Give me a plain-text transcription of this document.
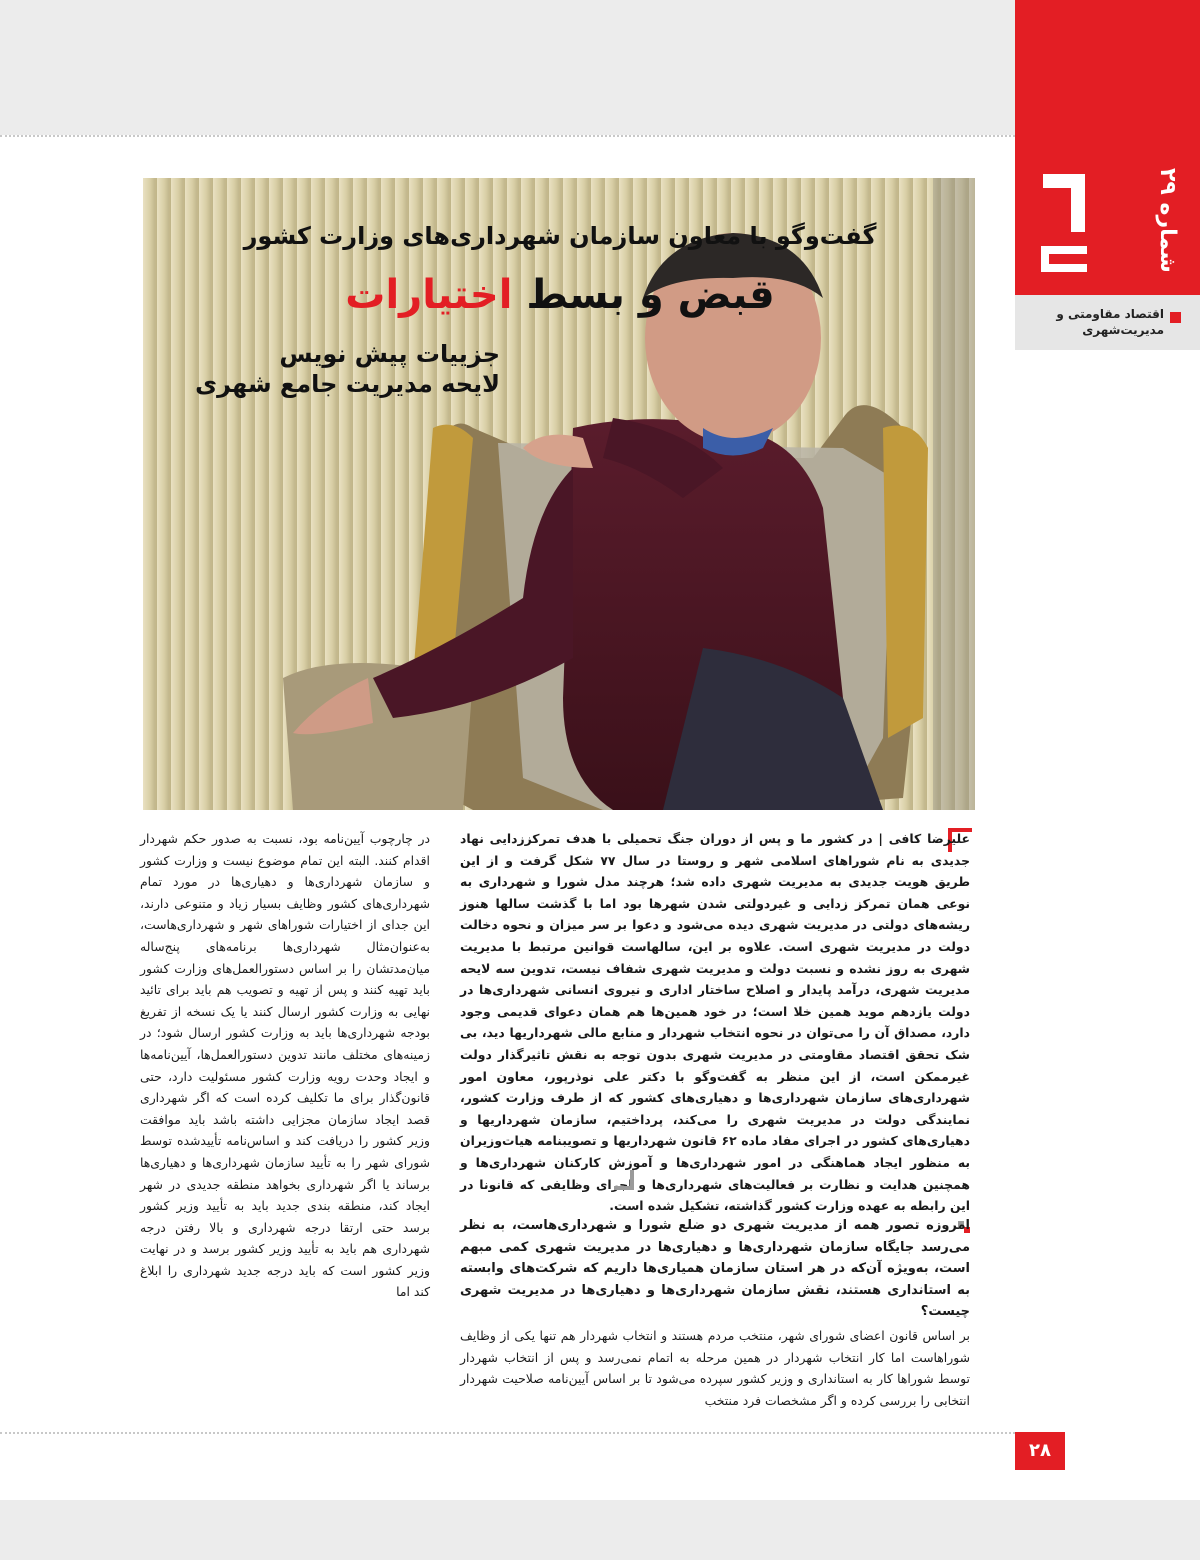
شماره ۲۹
اقتصاد مقاومتی و مدیریت‌شهری
گفت‌و‌گو با معاون سازمان شهرداری‌های وزارت کشور
قبض و بسط اختیارات
جزییات پیش نویس
لایحه مدیریت جامع شهری

علیرضا کافی | در کشور ما و پس از دوران جنگ تحمیلی با هدف تمرکززدایی نهاد جدیدی به نام شوراهای اسلامی شهر و روستا در سال ۷۷ شکل گرفت و از این طریق هویت جدیدی به مدیریت شهری داده شد؛ هرچند مدل شورا و شهرداری به نوعی همان تمرکز زدایی و غیردولتی شدن شهرها بود اما با گذشت سالها هنوز ریشه‌های دولتی در مدیریت شهری دیده می‌شود و دعوا بر سر میزان و نحوه دخالت دولت در مدیریت شهری است. علاوه بر این، سالهاست قوانین مرتبط با مدیریت شهری به روز نشده و نسبت دولت و مدیریت شهری شفاف نیست، تدوین سه لایحه مدیریت شهری، درآمد پایدار و اصلاح ساختار اداری و نیروی انسانی شهرداری‌ها در دولت یازدهم موید همین خلا است؛ در خود همین‌ها هم همان دعوای قدیمی وجود دارد، مصداق آن را می‌توان در نحوه انتخاب شهردار و منابع مالی شهرداریها دید، بی شک تحقق اقتصاد مقاومتی در مدیریت شهری بدون توجه به نقش تاثیرگذار دولت غیرممکن است، از این منظر به گفت‌وگو با دکتر علی نوذرپور، معاون امور شهرداری‌های سازمان شهرداری‌ها و دهیاری‌های کشور که از طرف وزارت کشور، نمایندگی دولت در مدیریت شهری را می‌کند، پرداختیم، سازمان شهرداریها و دهیاری‌های کشور در اجرای مفاد ماده ۶۲ قانون شهرداریها و تصویبنامه هیات‌وزیران به منظور ایجاد هماهنگی در امور شهرداری‌ها و آموزش کارکنان شهرداری‌ها و همچنین هدایت و نظارت بر فعالیت‌های شهرداری‌ها و اجرای وظایفی که قانونا در این رابطه به عهده وزارت کشور گذاشته، تشکیل شده است.

امروزه تصور همه از مدیریت شهری دو ضلع شورا و شهرداری‌هاست، به نظر می‌رسد جایگاه سازمان شهرداری‌ها و دهیاری‌ها در مدیریت شهری کمی مبهم است، به‌ویژه آن‌که در هر استان سازمان همیاری‌ها داریم که شرکت‌های وابسته به استانداری هستند، نقش سازمان شهرداری‌ها و دهیاری‌ها در مدیریت شهری چیست؟

بر اساس قانون اعضای شورای شهر، منتخب مردم هستند و انتخاب شهردار هم تنها یکی از وظایف شوراهاست اما کار انتخاب شهردار در همین مرحله به اتمام نمی‌رسد و پس از انتخاب شهردار توسط شوراها کار به استانداری و وزیر کشور سپرده می‌شود تا بر اساس آیین‌نامه صلاحیت شهردار انتخابی را بررسی کرده و اگر مشخصات فرد منتخب

در چارچوب آیین‌نامه بود، نسبت به صدور حکم شهردار اقدام کنند. البته این تمام موضوع نیست و وزارت کشور و سازمان شهرداری‌ها و دهیاری‌ها در مورد تمام شهرداری‌های کشور وظایف بسیار زیاد و متنوعی دارند، این جدای از اختیارات شوراهای شهر و شهرداری‌هاست، به‌عنوان‌مثال شهرداری‌ها برنامه‌های پنج‌ساله میان‌مدتشان را بر اساس دستورالعمل‌های وزارت کشور باید تهیه کنند و پس از تهیه و تصویب هم باید برای تائید نهایی به وزارت کشور ارسال کنند یا یک نسخه از تفریغ بودجه شهرداری‌ها باید به وزارت کشور ارسال شود؛ در زمینه‌های مختلف مانند تدوین دستورالعمل‌ها، آیین‌نامه‌ها و ایجاد وحدت رویه وزارت کشور مسئولیت دارد، حتی قانون‌گذار برای ما تکلیف کرده است که اگر شهرداری قصد ایجاد سازمان مجزایی داشته باشد باید موافقت وزیر کشور را دریافت کند و اساس‌نامه تأییدشده توسط شورای شهر را به تأیید سازمان شهرداری‌ها و دهیاری‌ها برساند یا اگر شهرداری بخواهد منطقه جدیدی در شهر ایجاد کند، منطقه بندی جدید باید به تأیید وزیر کشور برسد حتی ارتقا درجه شهرداری و بالا رفتن درجه شهرداری هم باید به تأیید وزیر کشور برسد و در نهایت وزیر کشور است که باید درجه جدید شهرداری را ابلاغ کند اما

۲۸
